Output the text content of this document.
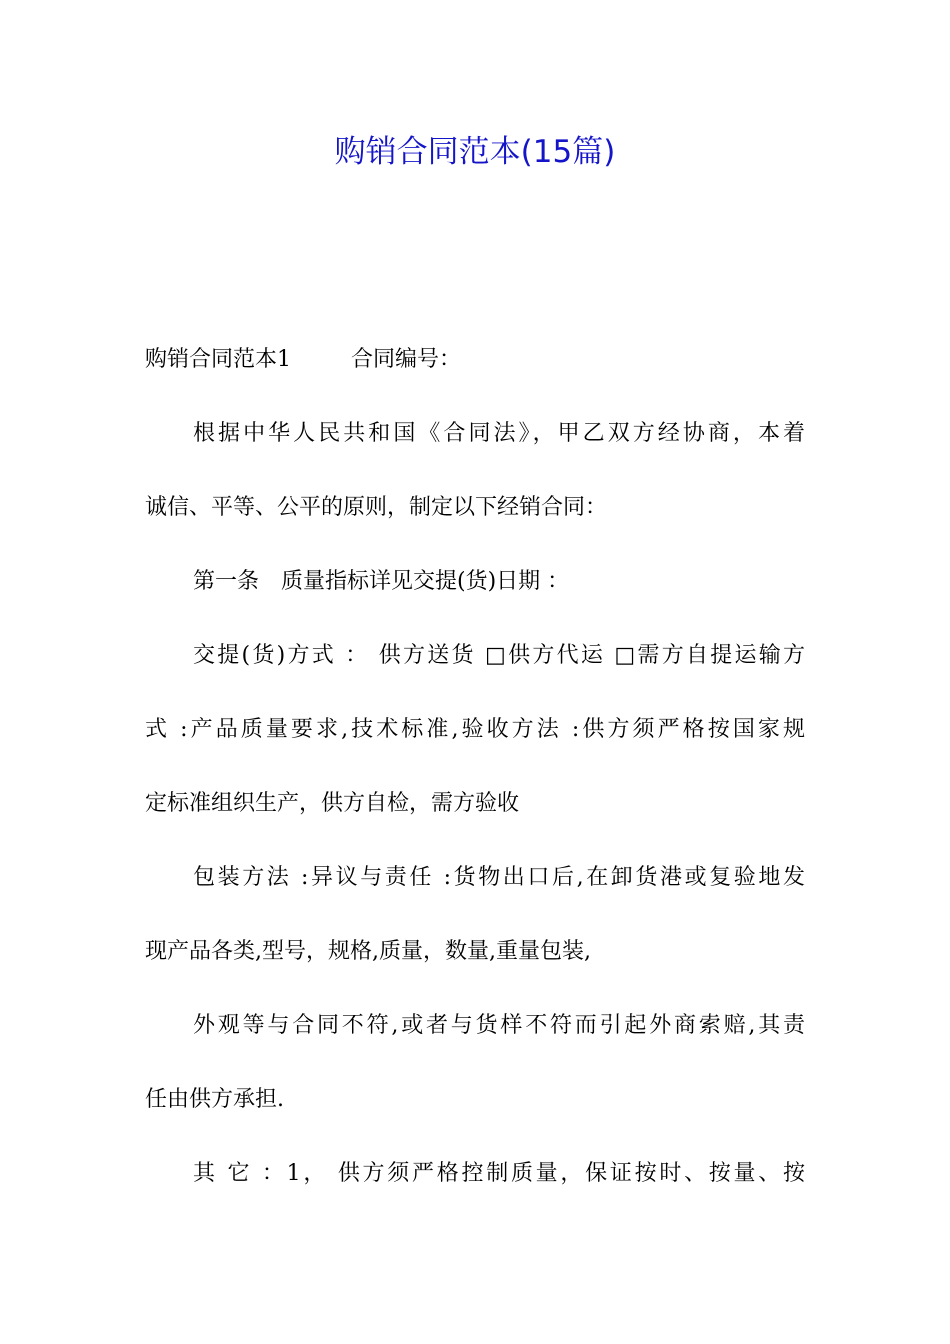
购销合同范本(15篇)
购销合同范本1	合同编号：
根据中华人民共和国《合同法》，甲乙双方经协商，本着
诚信、平等、公平的原则，制定以下经销合同：
第一条　质量指标详见交提(货)日期 ：
交提(货)方式 ： 供方送货 □供方代运 □需方自提运输方
式 :产品质量要求,技术标准,验收方法 :供方须严格按国家规
定标准组织生产，供方自检，需方验收
包装方法 :异议与责任 :货物出口后,在卸货港或复验地发
现产品各类,型号，规格,质量，数量,重量包装,
外观等与合同不符,或者与货样不符而引起外商索赔,其责
任由供方承担.
其 它 ：1， 供方须严格控制质量，保证按时、按量、按
